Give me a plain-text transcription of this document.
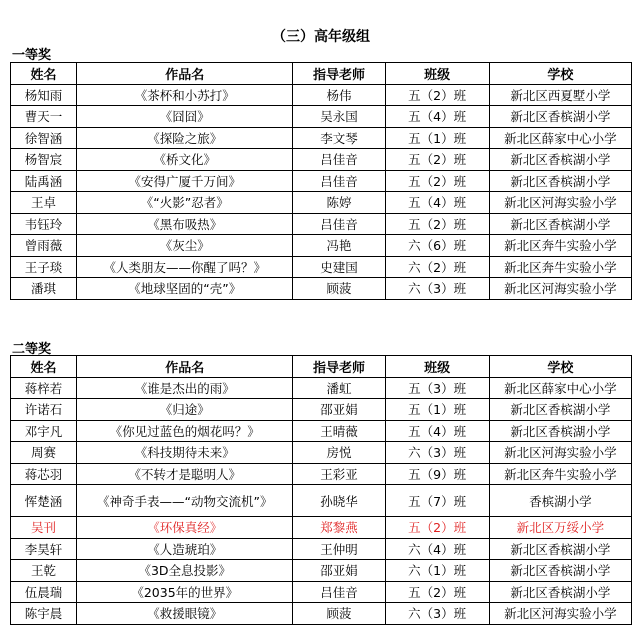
（三）高年级组
一等奖
姓名	作品名	指导老师	班级	学校
杨知雨	《茶杯和小苏打》	杨伟	五（2）班	新北区西夏墅小学
曹天一	《囧囧》	吴永国	五（4）班	新北区香槟湖小学
徐智涵	《探险之旅》	李文琴	五（1）班	新北区薛家中心小学
杨智宸	《桥文化》	吕佳音	五（2）班	新北区香槟湖小学
陆禹涵	《安得广厦千万间》	吕佳音	五（2）班	新北区香槟湖小学
王卓	《“火影”忍者》	陈婷	五（4）班	新北区河海实验小学
韦钰玲	《黑布吸热》	吕佳音	五（2）班	新北区香槟湖小学
曾雨薇	《灰尘》	冯艳	六（6）班	新北区奔牛实验小学
王子琰	《人类朋友——你醒了吗？》	史建国	六（2）班	新北区奔牛实验小学
潘琪	《地球坚固的“壳”》	顾菠	六（3）班	新北区河海实验小学
二等奖
姓名	作品名	指导老师	班级	学校
蒋梓若	《谁是杰出的雨》	潘虹	五（3）班	新北区薛家中心小学
许诺石	《归途》	邵亚娟	五（1）班	新北区香槟湖小学
邓宇凡	《你见过蓝色的烟花吗？》	王晴薇	五（4）班	新北区香槟湖小学
周赛	《科技期待未来》	房悦	六（3）班	新北区河海实验小学
蒋芯羽	《不转才是聪明人》	王彩亚	五（9）班	新北区奔牛实验小学
恽楚涵	《神奇手表——“动物交流机”》	孙晓华	五（7）班	香槟湖小学
吴刊	《环保真经》	郑黎燕	五（2）班	新北区万绥小学
李昊轩	《人造琥珀》	王仲明	六（4）班	新北区香槟湖小学
王乾	《3D全息投影》	邵亚娟	六（1）班	新北区香槟湖小学
伍晨瑞	《2035年的世界》	吕佳音	五（2）班	新北区香槟湖小学
陈宇晨	《救援眼镜》	顾菠	六（3）班	新北区河海实验小学
